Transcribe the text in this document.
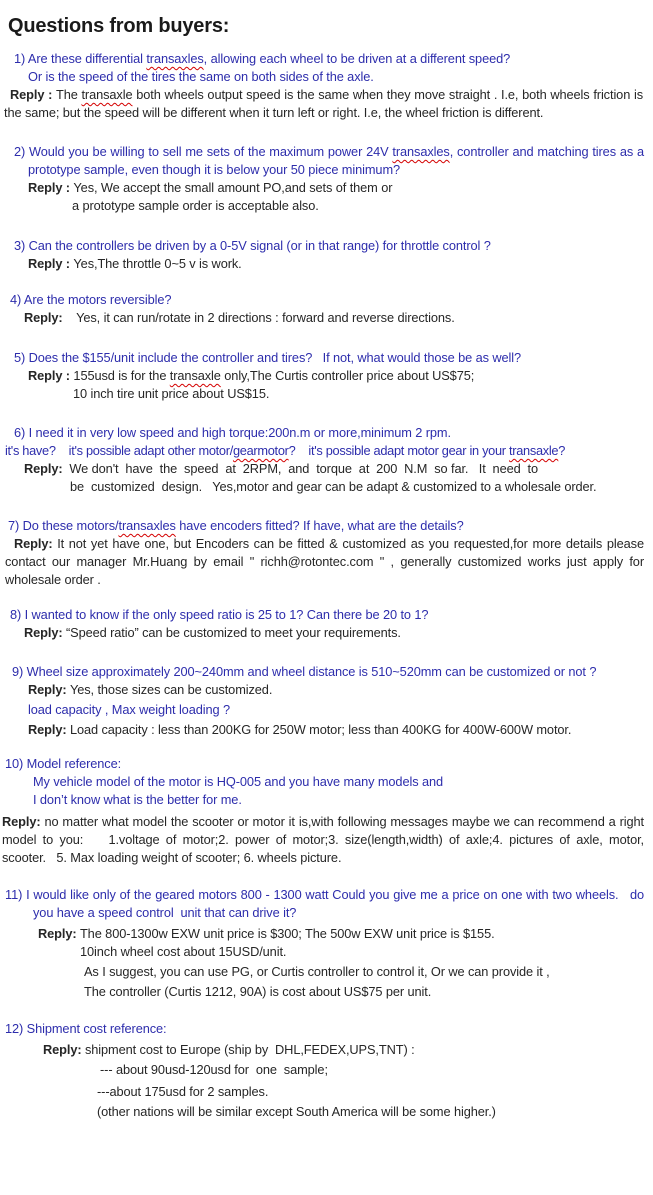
Questions from buyers:

1) Are these differential transaxles, allowing each wheel to be driven at a different speed?

Or is the speed of the tires the same on both sides of the axle.

Reply : The transaxle both wheels output speed is the same when they move straight . I.e, both wheels friction is the same; but the speed will be different when it turn left or right. I.e, the wheel friction is different.

2) Would you be willing to sell me sets of the maximum power 24V transaxles, controller and matching tires as a prototype sample, even though it is below your 50 piece minimum?

Reply : Yes, We accept the small amount PO,and sets of them or

a prototype sample order is acceptable also.

3) Can the controllers be driven by a 0-5V signal (or in that range) for throttle control ?

Reply : Yes,The throttle 0~5 v is work.

4) Are the motors reversible?

Reply:    Yes, it can run/rotate in 2 directions : forward and reverse directions.

5) Does the $155/unit include the controller and tires?   If not, what would those be as well?

Reply : 155usd is for the transaxle only,The Curtis controller price about US$75;

10 inch tire unit price about US$15.

6) I need it in very low speed and high torque:200n.m or more,minimum 2 rpm.

it's have?    it's possible adapt other motor/gearmotor?    it's possible adapt motor gear in your transaxle?

Reply:  We don't  have  the  speed  at  2RPM,  and  torque  at  200  N.M  so far.   It  need  to

be  customized  design.   Yes,motor and gear can be adapt & customized to a wholesale order.

7) Do these motors/transaxles have encoders fitted? If have, what are the details?

Reply: It not yet have one, but Encoders can be fitted & customized as you requested,for more details please contact our manager Mr.Huang by email " richh@rotontec.com " , generally customized works just apply for wholesale order .

8) I wanted to know if the only speed ratio is 25 to 1? Can there be 20 to 1?

Reply: “Speed ratio” can be customized to meet your requirements.

9) Wheel size approximately 200~240mm and wheel distance is 510~520mm can be customized or not ?

Reply: Yes, those sizes can be customized.

load capacity , Max weight loading ?

Reply: Load capacity : less than 200KG for 250W motor; less than 400KG for 400W-600W motor.

10) Model reference:

My vehicle model of the motor is HQ-005 and you have many models and

I don’t know what is the better for me.

Reply: no matter what model the scooter or motor it is,with following messages maybe we can recommend a right model to you:    1.voltage of motor;2. power of motor;3. size(length,width) of axle;4. pictures of axle, motor, scooter.   5. Max loading weight of scooter; 6. wheels picture.

11) I would like only of the geared motors 800 - 1300 watt Could you give me a price on one with two wheels.   do you have a speed control  unit that can drive it?

Reply: The 800-1300w EXW unit price is $300; The 500w EXW unit price is $155.

10inch wheel cost about 15USD/unit.

As I suggest, you can use PG, or Curtis controller to control it, Or we can provide it ,

The controller (Curtis 1212, 90A) is cost about US$75 per unit.

12) Shipment cost reference:

Reply: shipment cost to Europe (ship by  DHL,FEDEX,UPS,TNT) :

--- about 90usd-120usd for  one  sample;

---about 175usd for 2 samples.

(other nations will be similar except South America will be some higher.)
